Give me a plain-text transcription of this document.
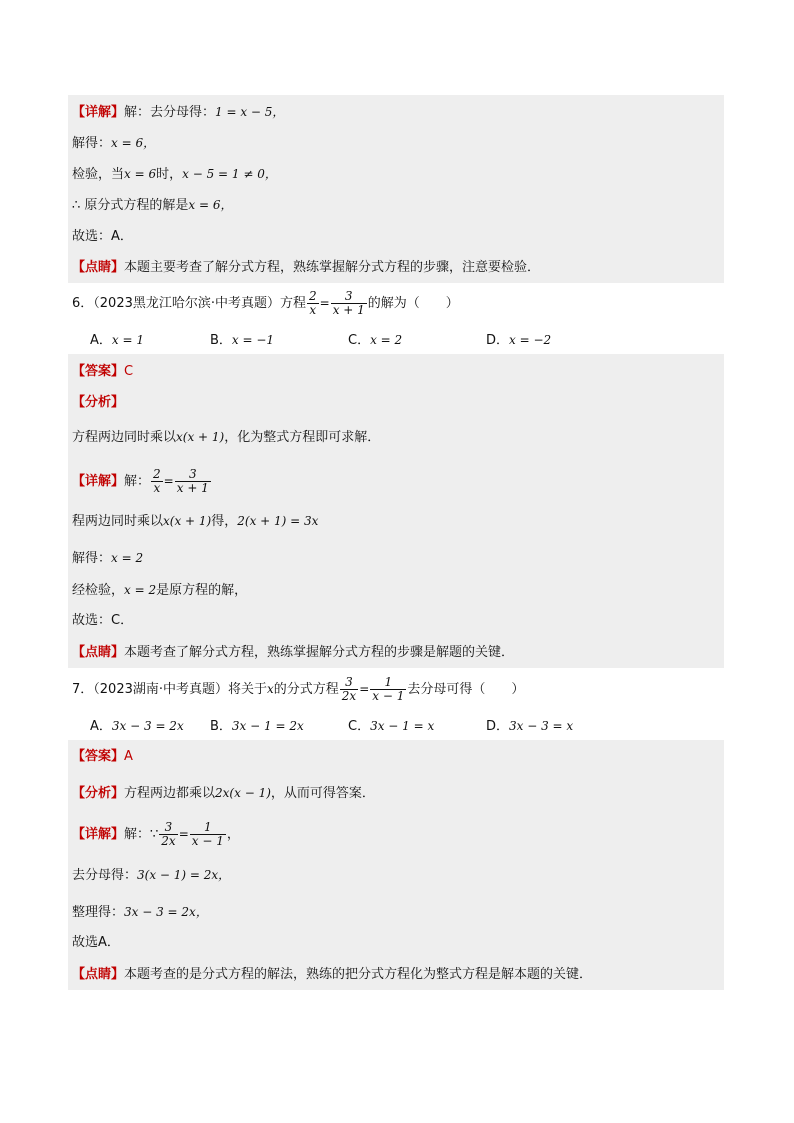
【详解】解：去分母得：1 = x − 5，
解得：x = 6，
检验，当x = 6时，x − 5 = 1 ≠ 0，
∴ 原分式方程的解是x = 6，
故选：A．
【点睛】本题主要考查了解分式方程，熟练掌握解分式方程的步骤，注意要检验．
6．（2023黑龙江哈尔滨·中考真题）方程 $\frac{2}{x} = \frac{3}{x + 1}$ 的解为（　　）
A．x = 1	B．x = −1	C．x = 2	D．x = −2
【答案】C
【分析】
方程两边同时乘以x(x + 1)，化为整式方程即可求解．
【详解】解： $\frac{2}{x} = \frac{3}{x + 1}$
程两边同时乘以x(x + 1)得，2(x + 1) = 3x
解得：x = 2
经检验，x = 2是原方程的解，
故选：C．
【点睛】本题考查了解分式方程，熟练掌握解分式方程的步骤是解题的关键．
7．（2023湖南·中考真题）将关于x的分式方程 $\frac{3}{2x} = \frac{1}{x - 1}$ 去分母可得（　　）
A．3x − 3 = 2x B．3x − 1 = 2x	C．3x − 1 = x	D．3x − 3 = x
【答案】A
【分析】方程两边都乘以2x(x − 1)，从而可得答案．
【详解】解：∵ $\frac{3}{2x} = \frac{1}{x - 1}$ ，
去分母得：3(x − 1) = 2x，
整理得：3x − 3 = 2x，
故选A．
【点睛】本题考查的是分式方程的解法，熟练的把分式方程化为整式方程是解本题的关键．
